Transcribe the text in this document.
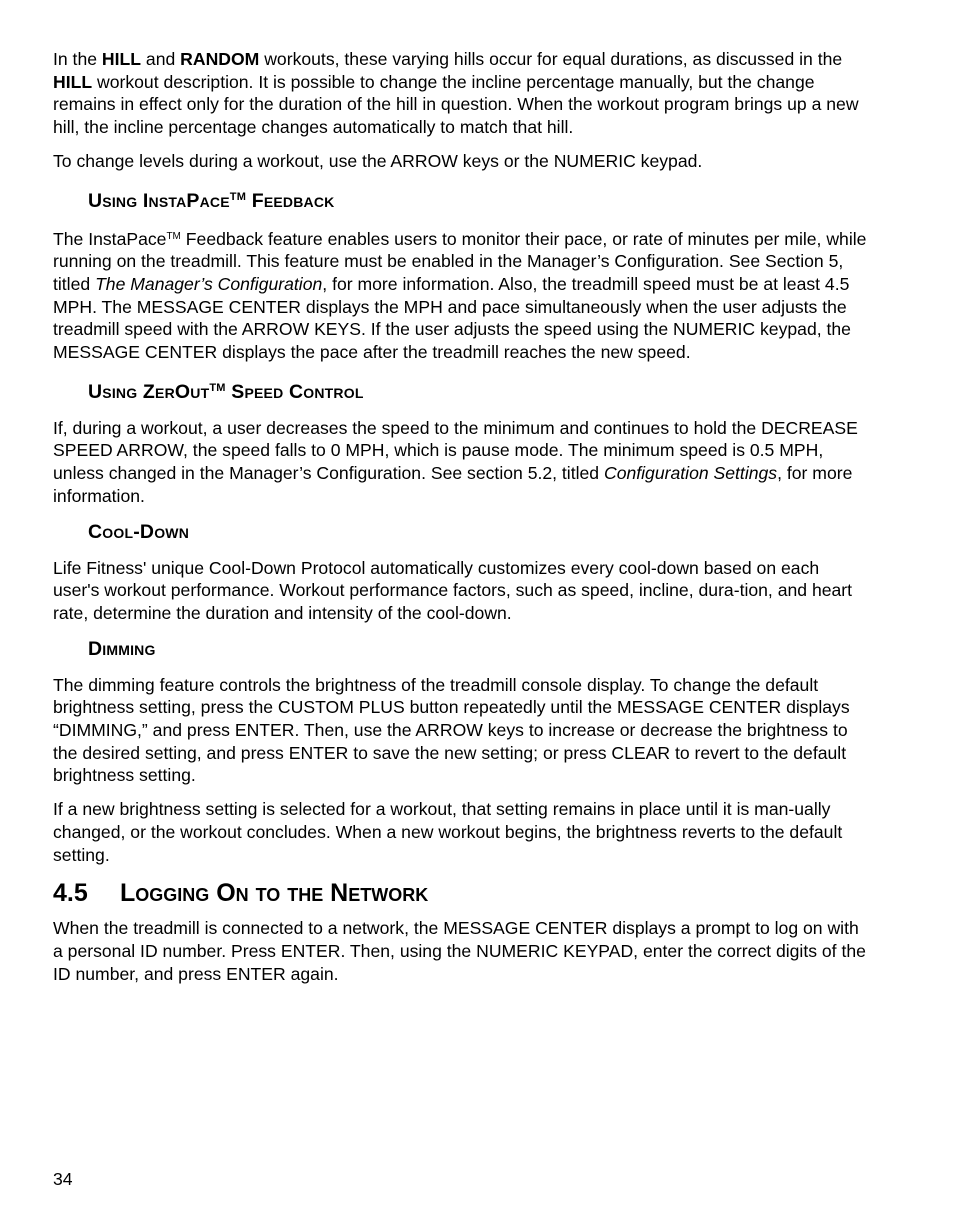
In the HILL and RANDOM workouts, these varying hills occur for equal durations, as discussed in the HILL workout description. It is possible to change the incline percentage manually, but the change remains in effect only for the duration of the hill in question. When the workout program brings up a new hill, the incline percentage changes automatically to match that hill.

To change levels during a workout, use the ARROW keys or the NUMERIC keypad.

Using InstaPace™ Feedback

The InstaPace™ Feedback feature enables users to monitor their pace, or rate of minutes per mile, while running on the treadmill. This feature must be enabled in the Manager’s Configuration. See Section 5, titled The Manager’s Configuration, for more information. Also, the treadmill speed must be at least 4.5 MPH. The MESSAGE CENTER displays the MPH and pace simultaneously when the user adjusts the treadmill speed with the ARROW KEYS. If the user adjusts the speed using the NUMERIC keypad, the MESSAGE CENTER displays the pace after the treadmill reaches the new speed.

Using ZerOut™ Speed Control

If, during a workout, a user decreases the speed to the minimum and continues to hold the DECREASE SPEED ARROW, the speed falls to 0 MPH, which is pause mode. The minimum speed is 0.5 MPH, unless changed in the Manager’s Configuration. See section 5.2, titled Configuration Settings, for more information.

Cool-Down

Life Fitness' unique Cool-Down Protocol automatically customizes every cool-down based on each user's workout performance. Workout performance factors, such as speed, incline, dura-tion, and heart rate, determine the duration and intensity of the cool-down.

Dimming

The dimming feature controls the brightness of the treadmill console display. To change the default brightness setting, press the CUSTOM PLUS button repeatedly until the MESSAGE CENTER displays “DIMMING,” and press ENTER. Then, use the ARROW keys to increase or decrease the brightness to the desired setting, and press ENTER to save the new setting; or press CLEAR to revert to the default brightness setting.

If a new brightness setting is selected for a workout, that setting remains in place until it is man-ually changed, or the workout concludes. When a new workout begins, the brightness reverts to the default setting.

4.5 Logging On to the Network

When the treadmill is connected to a network, the MESSAGE CENTER displays a prompt to log on with a personal ID number. Press ENTER. Then, using the NUMERIC KEYPAD, enter the correct digits of the ID number, and press ENTER again.

34
